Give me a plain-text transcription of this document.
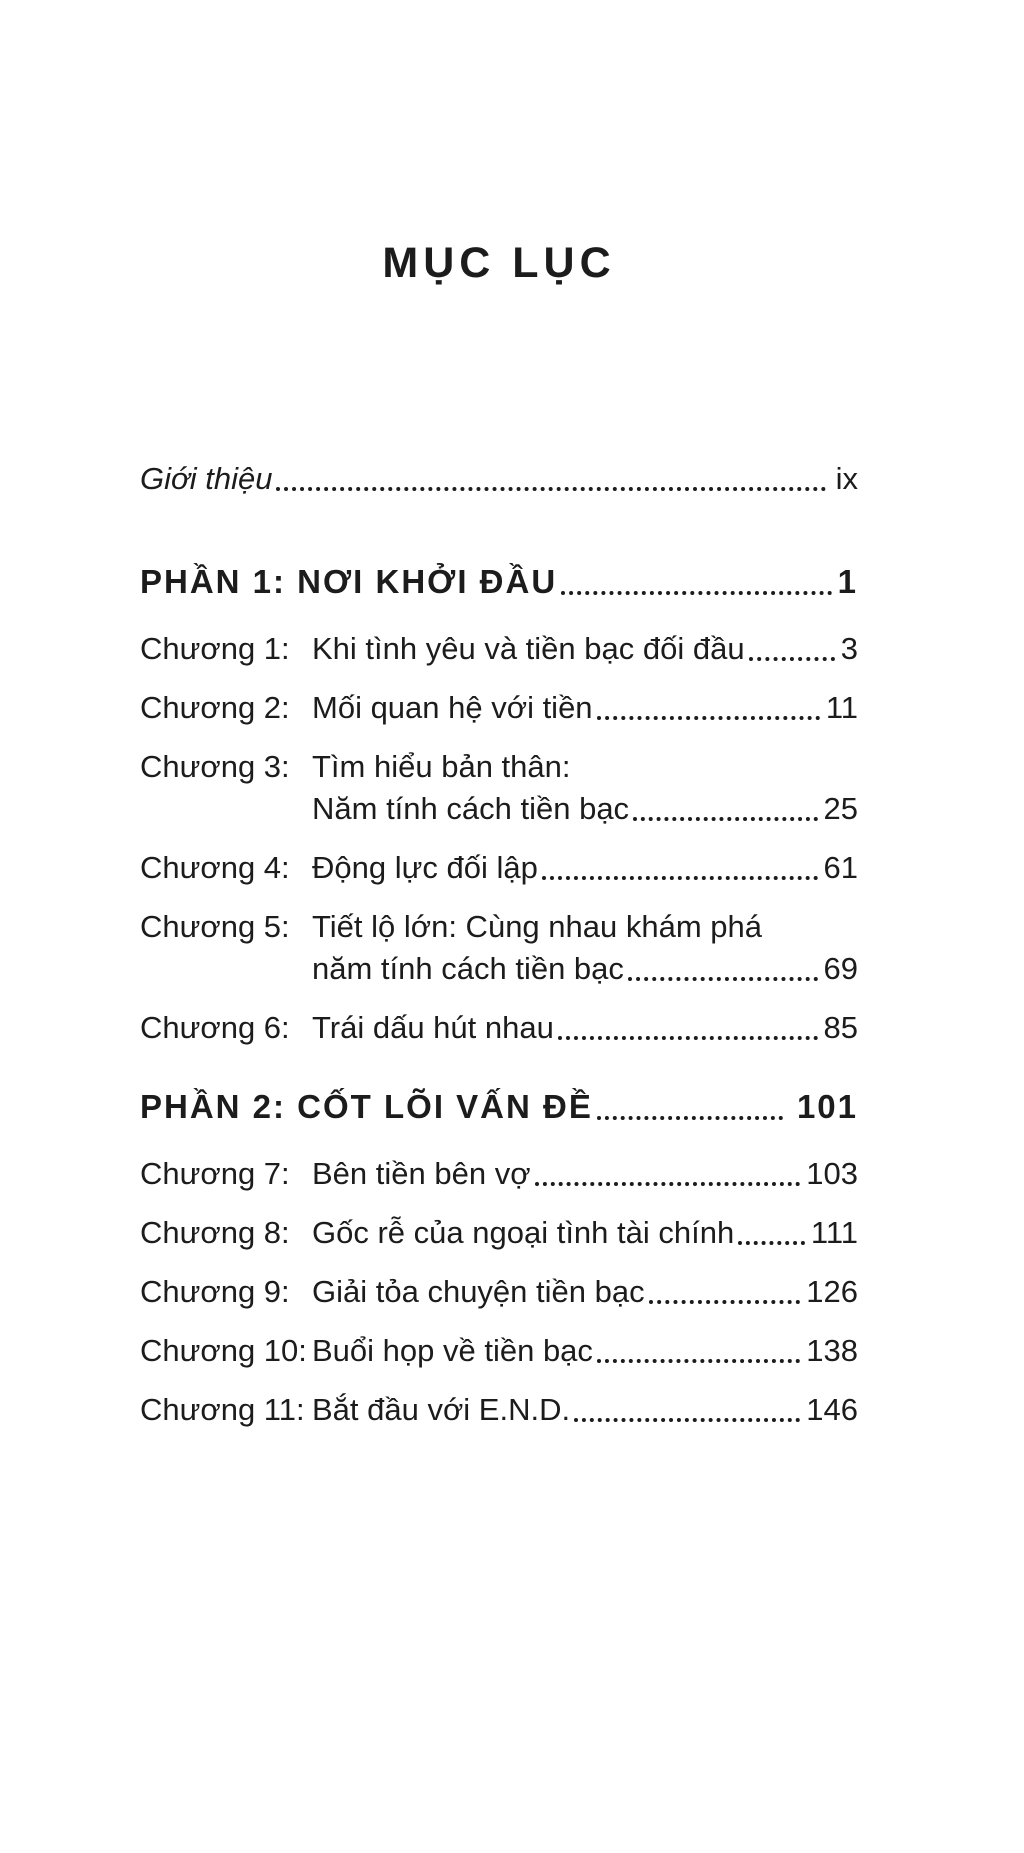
MỤC LỤC
Giới thiệu	ix
PHẦN 1: NƠI KHỞI ĐẦU	1
Chương 1: Khi tình yêu và tiền bạc đối đầu	3
Chương 2: Mối quan hệ với tiền	11
Chương 3: Tìm hiểu bản thân:
Năm tính cách tiền bạc	25
Chương 4: Động lực đối lập	61
Chương 5: Tiết lộ lớn: Cùng nhau khám phá
năm tính cách tiền bạc	69
Chương 6: Trái dấu hút nhau	85
PHẦN 2: CỐT LÕI VẤN ĐỀ	101
Chương 7: Bên tiền bên vợ	103
Chương 8: Gốc rễ của ngoại tình tài chính 111
Chương 9: Giải tỏa chuyện tiền bạc	126
Chương 10: Buổi họp về tiền bạc	138
Chương 11: Bắt đầu với E.N.D.	146
